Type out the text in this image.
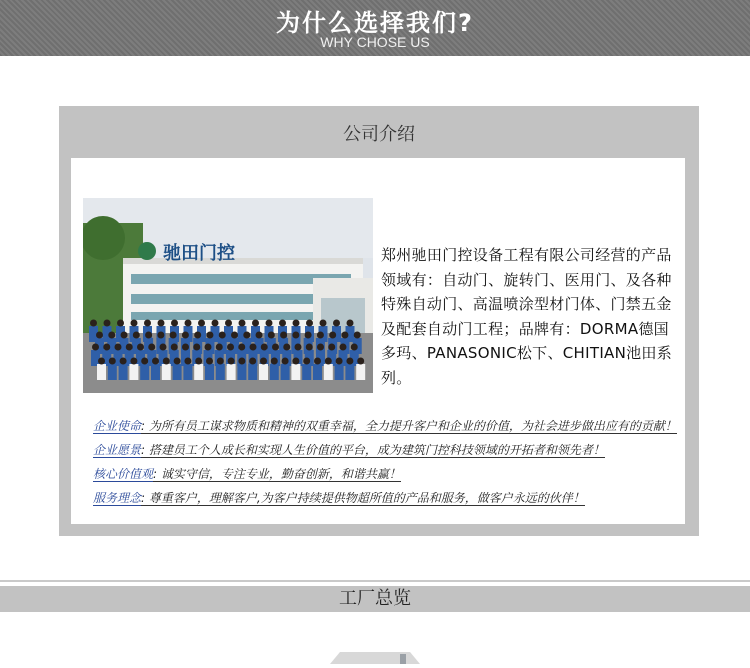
为什么选择我们?
WHY CHOSE US
公司介绍
驰田门控	郑州驰田门控设备工程有限公司经营的产品领域有：自动门、旋转门、医用门、及各种特殊自动门、高温喷涂型材门体、门禁五金及配套自动门工程；品牌有：DORMA德国多玛、PANASONIC松下、CHITIAN池田系列。
企业使命: 为所有员工谋求物质和精神的双重幸福，全力提升客户和企业的价值，为社会进步做出应有的贡献！
企业愿景: 搭建员工个人成长和实现人生价值的平台，成为建筑门控科技领域的开拓者和领先者！
核心价值观: 诚实守信，专注专业，勤奋创新，和谐共赢！
服务理念: 尊重客户，理解客户,为客户持续提供物超所值的产品和服务，做客户永远的伙伴！
工厂总览
